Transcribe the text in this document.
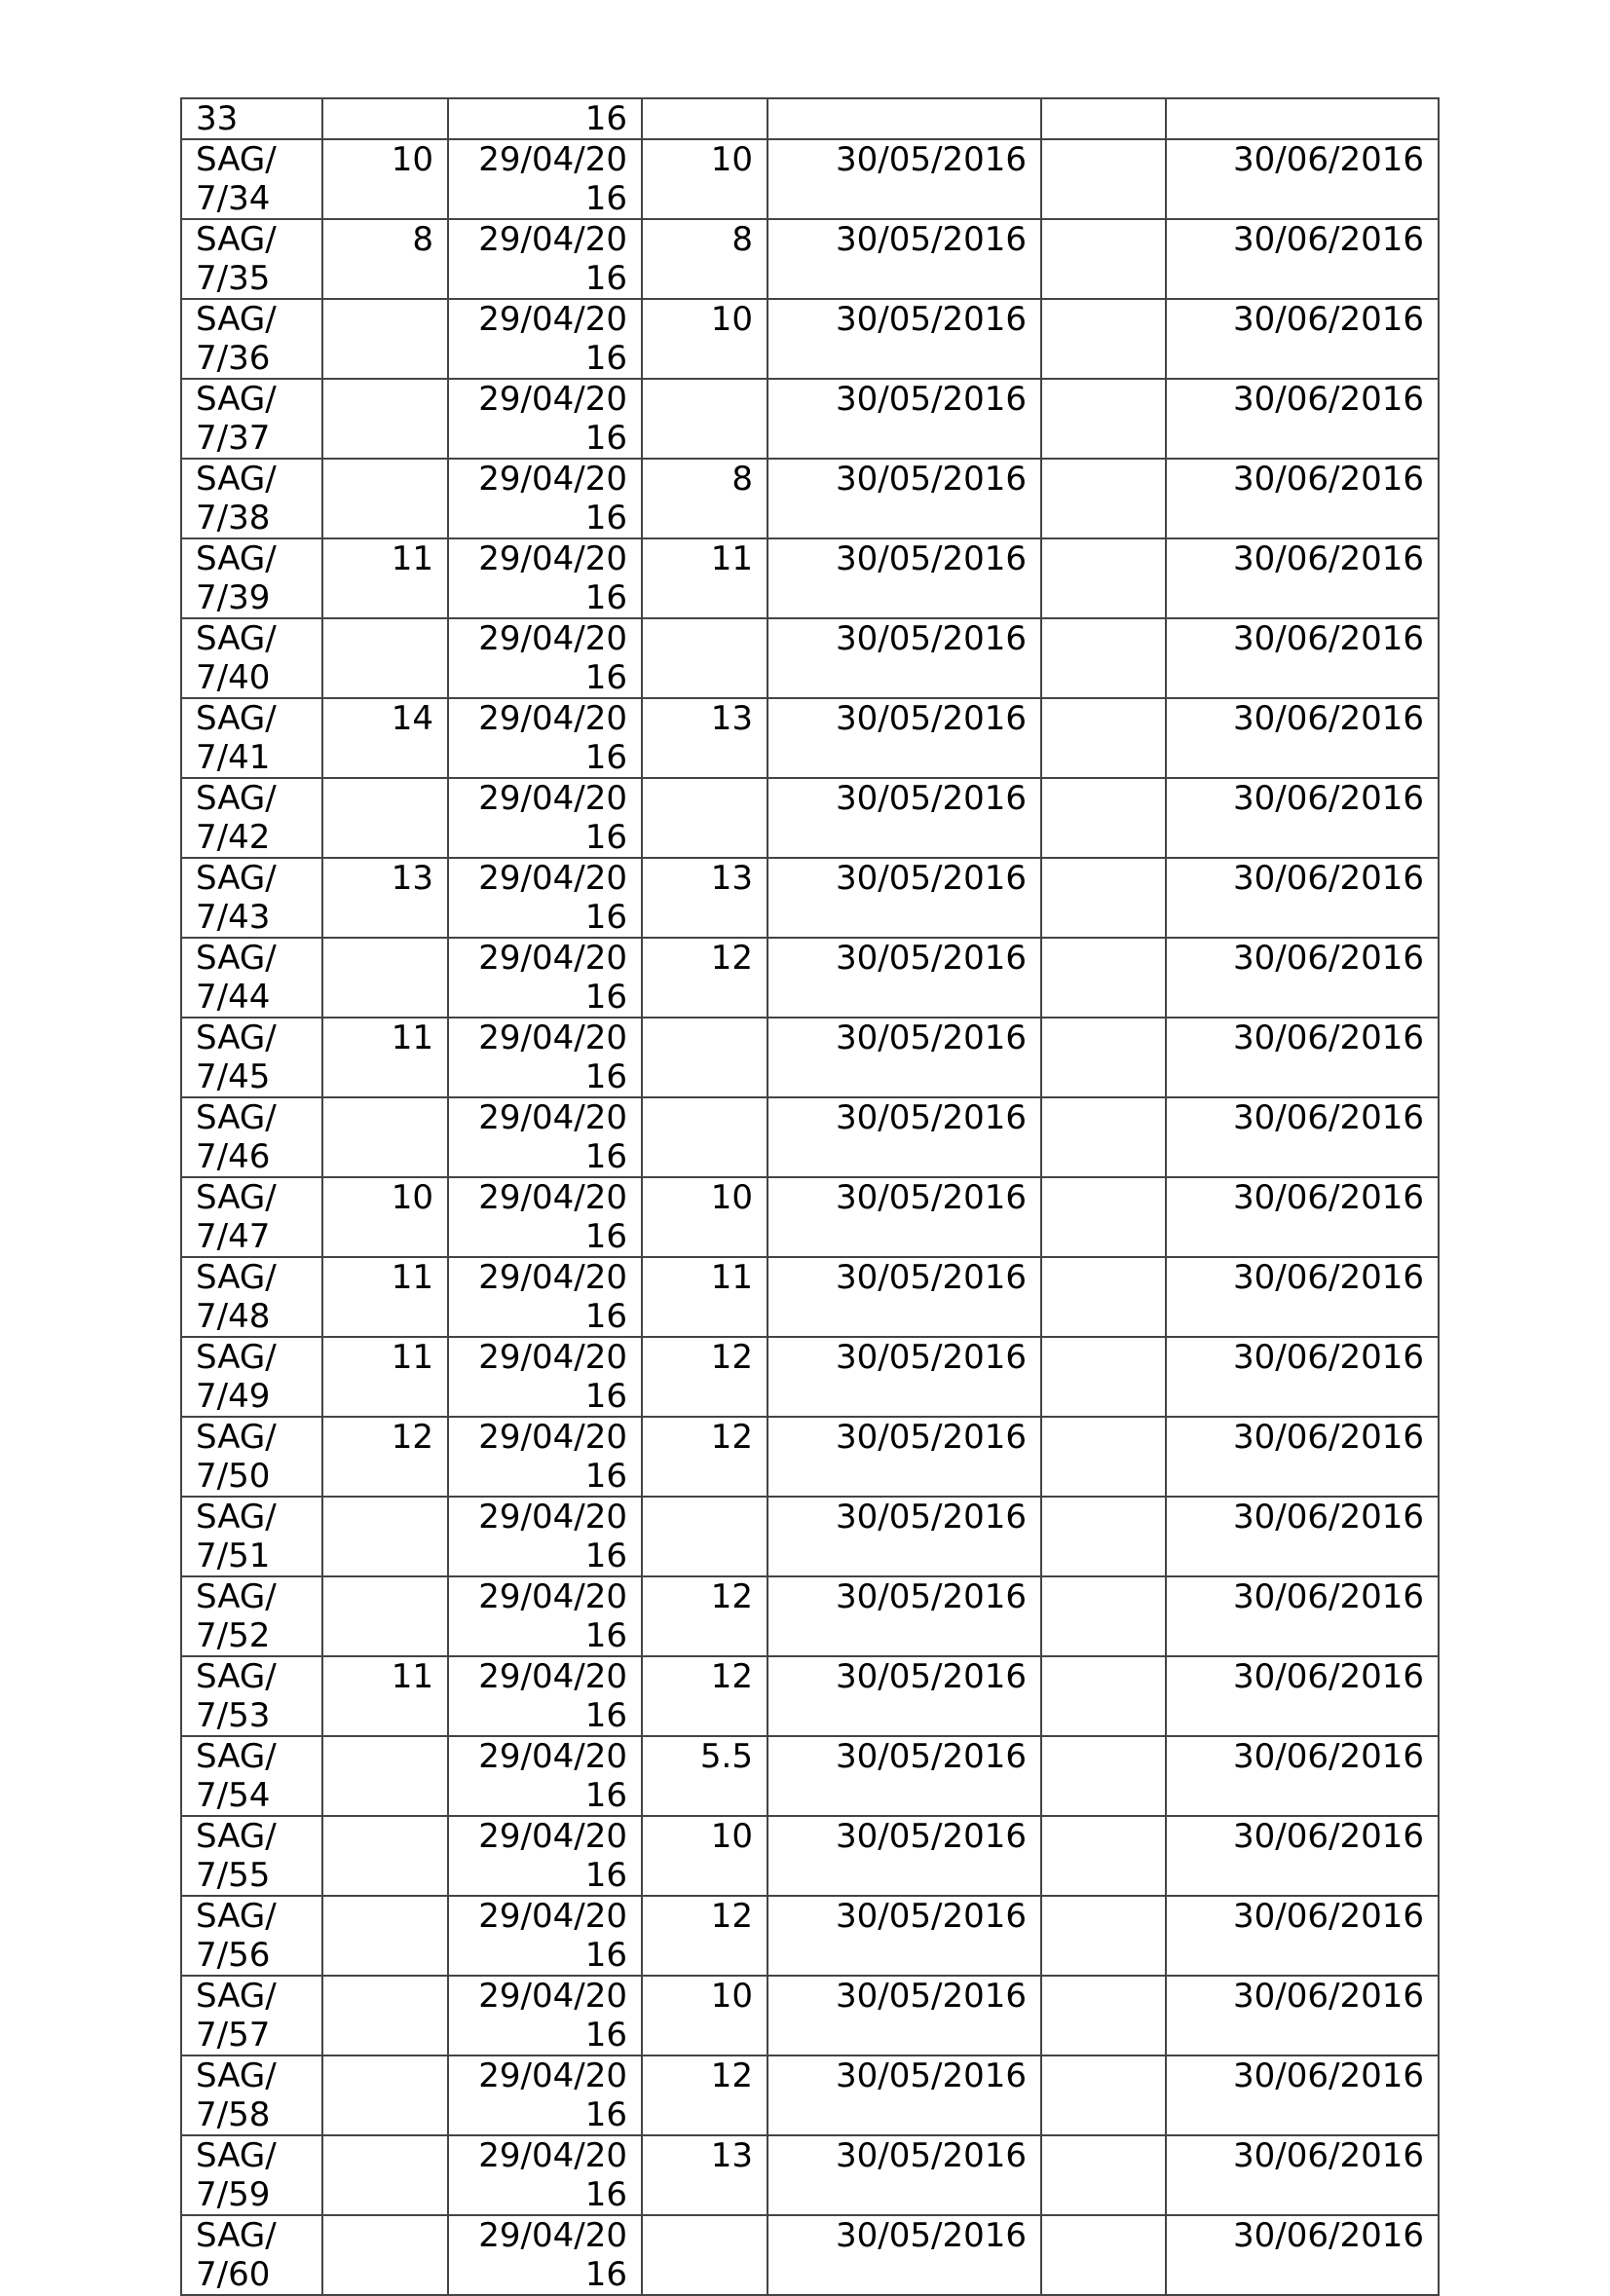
33		16				
SAG/7/34	10	29/04/2016	10	30/05/2016		30/06/2016
SAG/7/35	8	29/04/2016	8	30/05/2016		30/06/2016
SAG/7/36		29/04/2016	10	30/05/2016		30/06/2016
SAG/7/37		29/04/2016		30/05/2016		30/06/2016
SAG/7/38		29/04/2016	8	30/05/2016		30/06/2016
SAG/7/39	11	29/04/2016	11	30/05/2016		30/06/2016
SAG/7/40		29/04/2016		30/05/2016		30/06/2016
SAG/7/41	14	29/04/2016	13	30/05/2016		30/06/2016
SAG/7/42		29/04/2016		30/05/2016		30/06/2016
SAG/7/43	13	29/04/2016	13	30/05/2016		30/06/2016
SAG/7/44		29/04/2016	12	30/05/2016		30/06/2016
SAG/7/45	11	29/04/2016		30/05/2016		30/06/2016
SAG/7/46		29/04/2016		30/05/2016		30/06/2016
SAG/7/47	10	29/04/2016	10	30/05/2016		30/06/2016
SAG/7/48	11	29/04/2016	11	30/05/2016		30/06/2016
SAG/7/49	11	29/04/2016	12	30/05/2016		30/06/2016
SAG/7/50	12	29/04/2016	12	30/05/2016		30/06/2016
SAG/7/51		29/04/2016		30/05/2016		30/06/2016
SAG/7/52		29/04/2016	12	30/05/2016		30/06/2016
SAG/7/53	11	29/04/2016	12	30/05/2016		30/06/2016
SAG/7/54		29/04/2016	5.5	30/05/2016		30/06/2016
SAG/7/55		29/04/2016	10	30/05/2016		30/06/2016
SAG/7/56		29/04/2016	12	30/05/2016		30/06/2016
SAG/7/57		29/04/2016	10	30/05/2016		30/06/2016
SAG/7/58		29/04/2016	12	30/05/2016		30/06/2016
SAG/7/59		29/04/2016	13	30/05/2016		30/06/2016
SAG/7/60		29/04/2016		30/05/2016		30/06/2016
